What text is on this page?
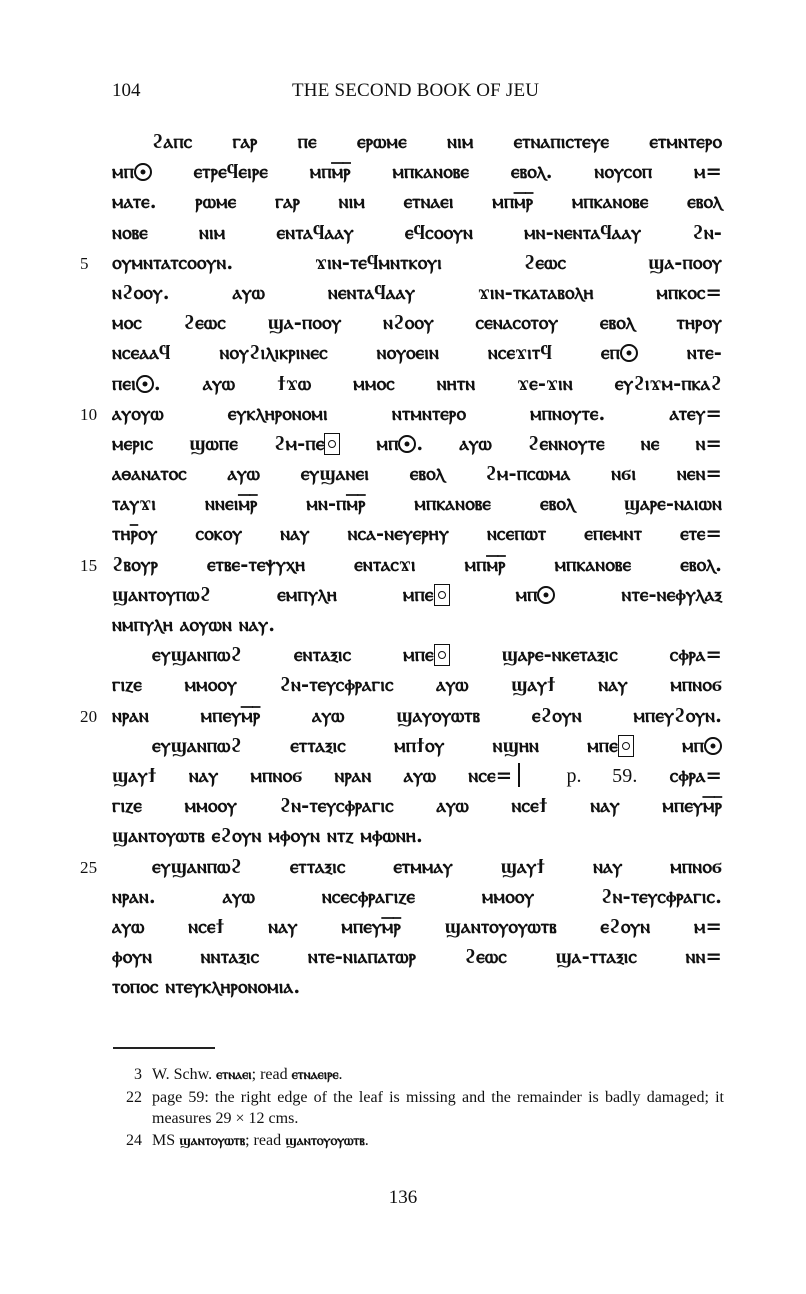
104	THE SECOND BOOK OF JEU
ϩⲁⲡⲥ ⲅⲁⲣ ⲡⲉ ⲉⲣⲱⲙⲉ ⲛⲓⲙ ⲉⲧⲛⲁⲡⲓⲥⲧⲉⲩⲉ ⲉⲧⲙⲛⲧⲉⲣⲟ
ⲙⲡ ⲉⲧⲣⲉϥⲉⲓⲣⲉ ⲙⲡⲙ̅ⲣ̅ ⲙⲡⲕⲁⲛⲟⲃⲉ ⲉⲃⲟⲗ. ⲛⲟⲩⲥⲟⲡ ⲙ=
ⲙⲁⲧⲉ. ⲣⲱⲙⲉ ⲅⲁⲣ ⲛⲓⲙ ⲉⲧⲛⲁⲉⲓ ⲙⲡⲙ̅ⲣ̅ ⲙⲡⲕⲁⲛⲟⲃⲉ ⲉⲃⲟⲗ
ⲛⲟⲃⲉ ⲛⲓⲙ ⲉⲛⲧⲁϥⲁⲁⲩ ⲉϥⲥⲟⲟⲩⲛ ⲙⲛ-ⲛⲉⲛⲧⲁϥⲁⲁⲩ ϩⲛ-
5 ⲟⲩⲙⲛⲧⲁⲧⲥⲟⲟⲩⲛ. ϫⲓⲛ-ⲧⲉϥⲙⲛⲧⲕⲟⲩⲓ ϩⲉⲱⲥ ϣⲁ-ⲡⲟⲟⲩ
ⲛϩⲟⲟⲩ. ⲁⲩⲱ ⲛⲉⲛⲧⲁϥⲁⲁⲩ ϫⲓⲛ-ⲧⲕⲁⲧⲁⲃⲟⲗⲏ ⲙⲡⲕⲟⲥ=
ⲙⲟⲥ ϩⲉⲱⲥ ϣⲁ-ⲡⲟⲟⲩ ⲛϩⲟⲟⲩ ⲥⲉⲛⲁⲥⲟⲧⲟⲩ ⲉⲃⲟⲗ ⲧⲏⲣⲟⲩ
ⲛⲥⲉⲁⲁϥ ⲛⲟⲩϩⲓⲗⲓⲕⲣⲓⲛⲉⲥ ⲛⲟⲩⲟⲉⲓⲛ ⲛⲥⲉϫⲓⲧϥ ⲉⲡ ⲛⲧⲉ-
ⲡⲉⲓ . ⲁⲩⲱ ϯϫⲱ ⲙⲙⲟⲥ ⲛⲏⲧⲛ ϫⲉ-ϫⲓⲛ ⲉⲩϩⲓϫⲙ-ⲡⲕⲁϩ
10 ⲁⲩⲟⲩⲱ ⲉⲩⲕⲗⲏⲣⲟⲛⲟⲙⲓ ⲛⲧⲙⲛⲧⲉⲣⲟ ⲙⲡⲛⲟⲩⲧⲉ. ⲁⲧⲉⲩ=
ⲙⲉⲣⲓⲥ ϣⲱⲡⲉ ϩⲙ-ⲡⲉ ⲙⲡ . ⲁⲩⲱ ϩⲉⲛⲛⲟⲩⲧⲉ ⲛⲉ ⲛ=
ⲁⲑⲁⲛⲁⲧⲟⲥ ⲁⲩⲱ ⲉⲩϣⲁⲛⲉⲓ ⲉⲃⲟⲗ ϩⲙ-ⲡⲥⲱⲙⲁ ⲛϭⲓ ⲛⲉⲛ=
ⲧⲁⲩϫⲓ ⲛⲛⲉⲓⲙ̅ⲣ̅ ⲙⲛ-ⲡⲙ̅ⲣ̅ ⲙⲡⲕⲁⲛⲟⲃⲉ ⲉⲃⲟⲗ ϣⲁⲣⲉ-ⲛⲁⲓⲱⲛ
ⲧⲏⲣ̅ⲟⲩ ⲥⲟⲕⲟⲩ ⲛⲁⲩ ⲛⲥⲁ-ⲛⲉⲩⲉⲣⲏⲩ ⲛⲥⲉⲡⲱⲧ ⲉⲡⲉⲙⲛⲧ ⲉⲧⲉ=
15 ϩⲃⲟⲩⲣ ⲉⲧⲃⲉ-ⲧⲉⲯⲩⲭⲏ ⲉⲛⲧⲁⲥϫⲓ ⲙⲡⲙ̅ⲣ̅ ⲙⲡⲕⲁⲛⲟⲃⲉ ⲉⲃⲟⲗ.
ϣⲁⲛⲧⲟⲩⲡⲱϩ ⲉⲙⲡⲩⲗⲏ ⲙⲡⲉ ⲙⲡ ⲛⲧⲉ-ⲛⲉⲫⲩⲗⲁⲝ
ⲛⲙⲡⲩⲗⲏ ⲁⲟⲩⲱⲛ ⲛⲁⲩ.
ⲉⲩϣⲁⲛⲡⲱϩ ⲉⲛⲧⲁⲝⲓⲥ ⲙⲡⲉ ϣⲁⲣⲉ-ⲛⲕⲉⲧⲁⲝⲓⲥ ⲥⲫⲣⲁ=
ⲅⲓⲍⲉ ⲙⲙⲟⲟⲩ ϩⲛ-ⲧⲉⲩⲥⲫⲣⲁⲅⲓⲥ ⲁⲩⲱ ϣⲁⲩϯ ⲛⲁⲩ ⲙⲡⲛⲟϭ
20 ⲛⲣⲁⲛ ⲙⲡⲉⲩⲙ̅ⲣ̅ ⲁⲩⲱ ϣⲁⲩⲟⲩⲱⲧⲃ ⲉϩⲟⲩⲛ ⲙⲡⲉⲩϩⲟⲩⲛ.
ⲉⲩϣⲁⲛⲡⲱϩ ⲉⲧⲧⲁⲝⲓⲥ ⲙⲡϯⲟⲩ ⲛϣⲏⲛ ⲙⲡⲉ ⲙⲡ
ϣⲁⲩϯ ⲛⲁⲩ ⲙⲡⲛⲟϭ ⲛⲣⲁⲛ ⲁⲩⲱ ⲛⲥⲉ=  p. 59. ⲥⲫⲣⲁ=
ⲅⲓⲍⲉ ⲙⲙⲟⲟⲩ ϩⲛ-ⲧⲉⲩⲥⲫⲣⲁⲅⲓⲥ ⲁⲩⲱ ⲛⲥⲉϯ ⲛⲁⲩ ⲙⲡⲉⲩⲙ̅ⲣ̅
ϣⲁⲛⲧⲟⲩⲱⲧⲃ ⲉϩⲟⲩⲛ ⲙⲫⲟⲩⲛ ⲛⲧⲍ ⲙⲫⲱⲛⲏ.
25	ⲉⲩϣⲁⲛⲡⲱϩ ⲉⲧⲧⲁⲝⲓⲥ ⲉⲧⲙⲙⲁⲩ ϣⲁⲩϯ ⲛⲁⲩ ⲙⲡⲛⲟϭ
ⲛⲣⲁⲛ. ⲁⲩⲱ ⲛⲥⲉⲥⲫⲣⲁⲅⲓⲍⲉ ⲙⲙⲟⲟⲩ ϩⲛ-ⲧⲉⲩⲥⲫⲣⲁⲅⲓⲥ.
ⲁⲩⲱ ⲛⲥⲉϯ ⲛⲁⲩ ⲙⲡⲉⲩⲙ̅ⲣ̅ ϣⲁⲛⲧⲟⲩⲟⲩⲱⲧⲃ ⲉϩⲟⲩⲛ ⲙ=
ⲫⲟⲩⲛ ⲛⲛⲧⲁⲝⲓⲥ ⲛⲧⲉ-ⲛⲓⲁⲡⲁⲧⲱⲣ ϩⲉⲱⲥ ϣⲁ-ⲧⲧⲁⲝⲓⲥ ⲛⲛ=
ⲧⲟⲡⲟⲥ ⲛⲧⲉⲩⲕⲗⲏⲣⲟⲛⲟⲙⲓⲁ.
3 W. Schw. ⲉⲧⲛⲁⲉⲓ; read ⲉⲧⲛⲁⲉⲓⲣⲉ.
22 page 59: the right edge of the leaf is missing and the remainder is badly damaged; it measures 29 × 12 cms.
24 MS ϣⲁⲛⲧⲟⲩⲱⲧⲃ; read ϣⲁⲛⲧⲟⲩⲟⲩⲱⲧⲃ.
136
